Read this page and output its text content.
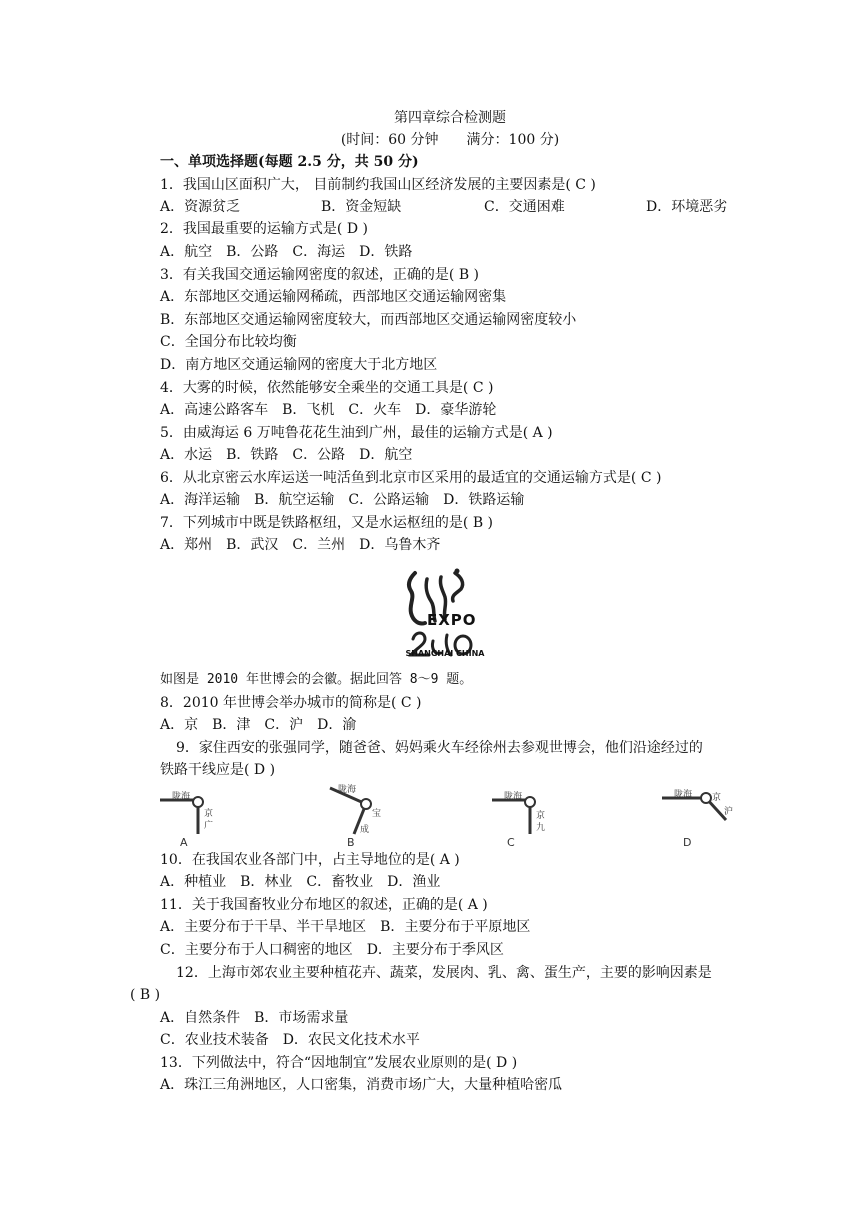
第四章综合检测题
(时间：60 分钟　　满分：100 分)
一、单项选择题(每题 2.5 分，共 50 分)
1．我国山区面积广大， 目前制约我国山区经济发展的主要因素是( C )
A．资源贫乏	B．资金短缺	C．交通困难	D．环境恶劣
2．我国最重要的运输方式是( D )
A．航空　B．公路　C．海运　D．铁路
3．有关我国交通运输网密度的叙述，正确的是( B )
A．东部地区交通运输网稀疏，西部地区交通运输网密集
B．东部地区交通运输网密度较大，而西部地区交通运输网密度较小
C．全国分布比较均衡
D．南方地区交通运输网的密度大于北方地区
4．大雾的时候，依然能够安全乘坐的交通工具是( C )
A．高速公路客车　B．飞机　C．火车　D．豪华游轮
5．由威海运 6 万吨鲁花花生油到广州，最佳的运输方式是( A )
A．水运　B．铁路　C．公路　D．航空
6．从北京密云水库运送一吨活鱼到北京市区采用的最适宜的交通运输方式是( C )
A．海洋运输　B．航空运输　C．公路运输　D．铁路运输
7．下列城市中既是铁路枢纽，又是水运枢纽的是( B )
A．郑州　B．武汉　C．兰州　D．乌鲁木齐
EXPO
SHANGHAI CHINA
如图是 2010 年世博会的会徽。据此回答 8～9 题。
8．2010 年世博会举办城市的简称是( C )
A．京　B．津　C．沪　D．渝
9．家住西安的张强同学，随爸爸、妈妈乘火车经徐州去参观世博会，他们沿途经过的
铁路干线应是( D )
陇海
京
广
A
陇海
宝
成
B
陇海
京
九
C
陇海 京
沪
D
10．在我国农业各部门中，占主导地位的是( A )
A．种植业　B．林业　C．畜牧业　D．渔业
11．关于我国畜牧业分布地区的叙述，正确的是( A )
A．主要分布于干旱、半干旱地区　B．主要分布于平原地区
C．主要分布于人口稠密的地区　D．主要分布于季风区
12．上海市郊农业主要种植花卉、蔬菜，发展肉、乳、禽、蛋生产，主要的影响因素是
( B )
A．自然条件　B．市场需求量
C．农业技术装备　D．农民文化技术水平
13．下列做法中，符合“因地制宜”发展农业原则的是( D )
A．珠江三角洲地区，人口密集，消费市场广大，大量种植哈密瓜
